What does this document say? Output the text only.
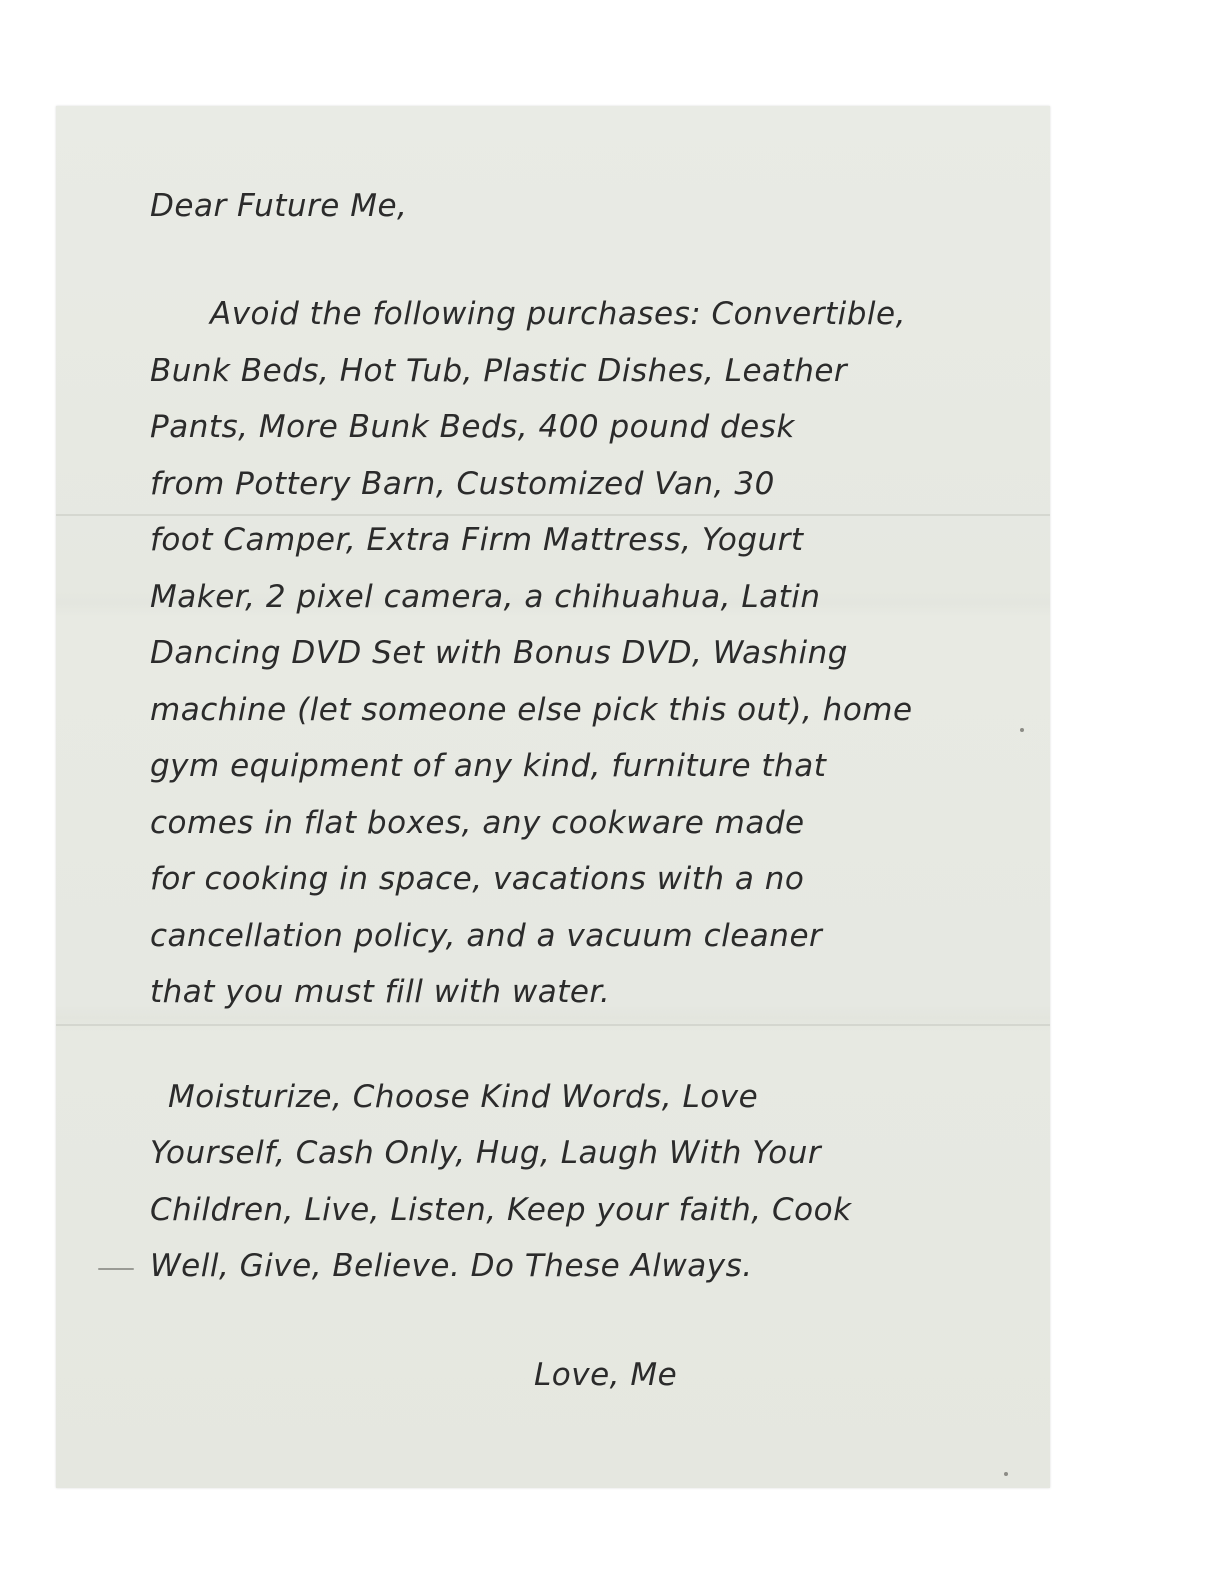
Dear Future Me,

Avoid the following purchases: Convertible,
Bunk Beds, Hot Tub, Plastic Dishes, Leather
Pants, More Bunk Beds, 400 pound desk
from Pottery Barn, Customized Van, 30
foot Camper, Extra Firm Mattress, Yogurt
Maker, 2 pixel camera, a chihuahua, Latin
Dancing DVD Set with Bonus DVD, Washing
machine (let someone else pick this out), home
gym equipment of any kind, furniture that
comes in flat boxes, any cookware made
for cooking in space, vacations with a no
cancellation policy, and a vacuum cleaner
that you must fill with water.

Moisturize, Choose Kind Words, Love
Yourself, Cash Only, Hug, Laugh With Your
Children, Live, Listen, Keep your faith, Cook
Well, Give, Believe. Do These Always.

Love, Me
